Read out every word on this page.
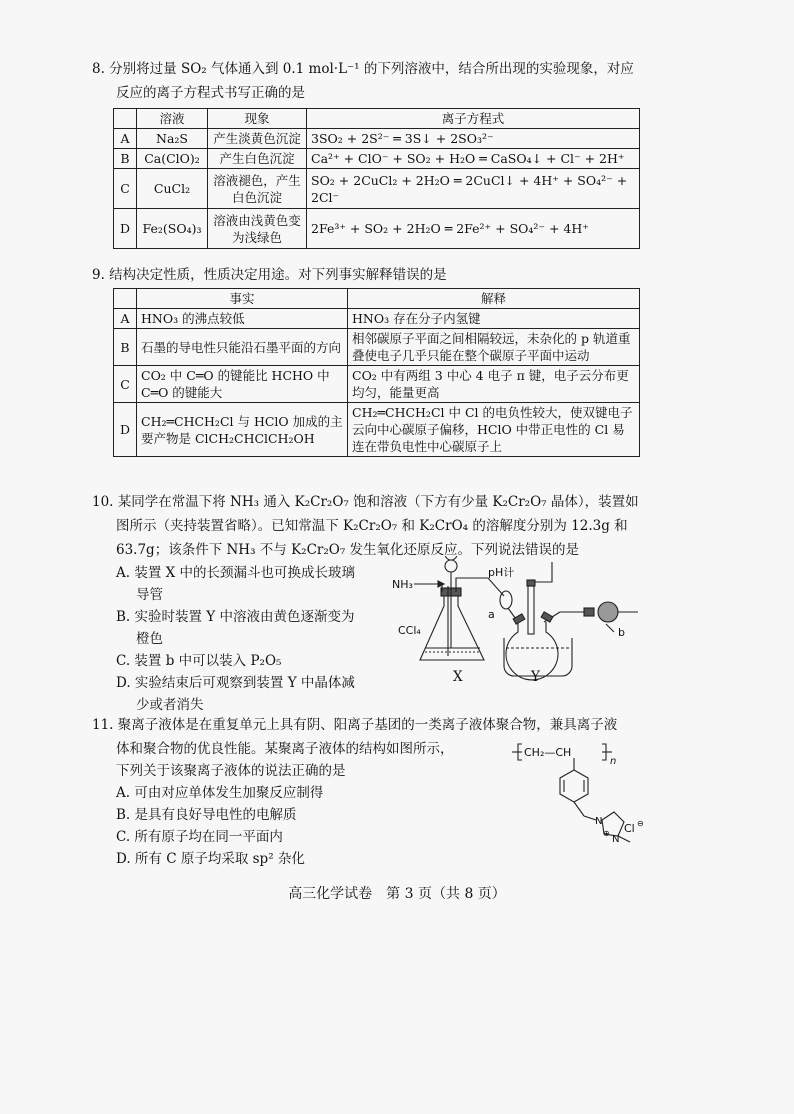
8. 分别将过量 SO₂ 气体通入到 0.1 mol·L⁻¹ 的下列溶液中，结合所出现的实验现象，对应
反应的离子方程式书写正确的是
	溶液	现象	离子方程式
A	Na₂S	产生淡黄色沉淀	3SO₂ + 2S²⁻ ═ 3S↓ + 2SO₃²⁻
B	Ca(ClO)₂	产生白色沉淀	Ca²⁺ + ClO⁻ + SO₂ + H₂O ═ CaSO₄↓ + Cl⁻ + 2H⁺
C	CuCl₂	溶液褪色，产生白色沉淀	SO₂ + 2CuCl₂ + 2H₂O ═ 2CuCl↓ + 4H⁺ + SO₄²⁻ + 2Cl⁻
D	Fe₂(SO₄)₃	溶液由浅黄色变为浅绿色	2Fe³⁺ + SO₂ + 2H₂O ═ 2Fe²⁺ + SO₄²⁻ + 4H⁺
9. 结构决定性质，性质决定用途。对下列事实解释错误的是
	事实	解释
A	HNO₃ 的沸点较低	HNO₃ 存在分子内氢键
B	石墨的导电性只能沿石墨平面的方向	相邻碳原子平面之间相隔较远，未杂化的 p 轨道重叠使电子几乎只能在整个碳原子平面中运动
C	CO₂ 中 C═O 的键能比 HCHO 中 C═O 的键能大	CO₂ 中有两组 3 中心 4 电子 π 键，电子云分布更均匀，能量更高
D	CH₂═CHCH₂Cl 与 HClO 加成的主要产物是 ClCH₂CHClCH₂OH	CH₂═CHCH₂Cl 中 Cl 的电负性较大，使双键电子云向中心碳原子偏移，HClO 中带正电性的 Cl 易连在带负电性中心碳原子上
10. 某同学在常温下将 NH₃ 通入 K₂Cr₂O₇ 饱和溶液（下方有少量 K₂Cr₂O₇ 晶体），装置如
图所示（夹持装置省略）。已知常温下 K₂Cr₂O₇ 和 K₂CrO₄ 的溶解度分别为 12.3g 和
63.7g；该条件下 NH₃ 不与 K₂Cr₂O₇ 发生氧化还原反应。下列说法错误的是
A. 装置 X 中的长颈漏斗也可换成长玻璃
导管
B. 实验时装置 Y 中溶液由黄色逐渐变为
橙色
C. 装置 b 中可以装入 P₂O₅
D. 实验结束后可观察到装置 Y 中晶体减
少或者消失
NH₃
CCl₄
pH计
a
b
X	Y
11. 聚离子液体是在重复单元上具有阴、阳离子基团的一类离子液体聚合物，兼具离子液
体和聚合物的优良性能。某聚离子液体的结构如图所示，
下列关于该聚离子液体的说法正确的是
A. 可由对应单体发生加聚反应制得
B. 是具有良好导电性的电解质
C. 所有原子均在同一平面内
D. 所有 C 原子均采取 sp² 杂化
CH₂—CH
n
N
N
⊕ Cl ⊖
高三化学试卷　第 3 页（共 8 页）
